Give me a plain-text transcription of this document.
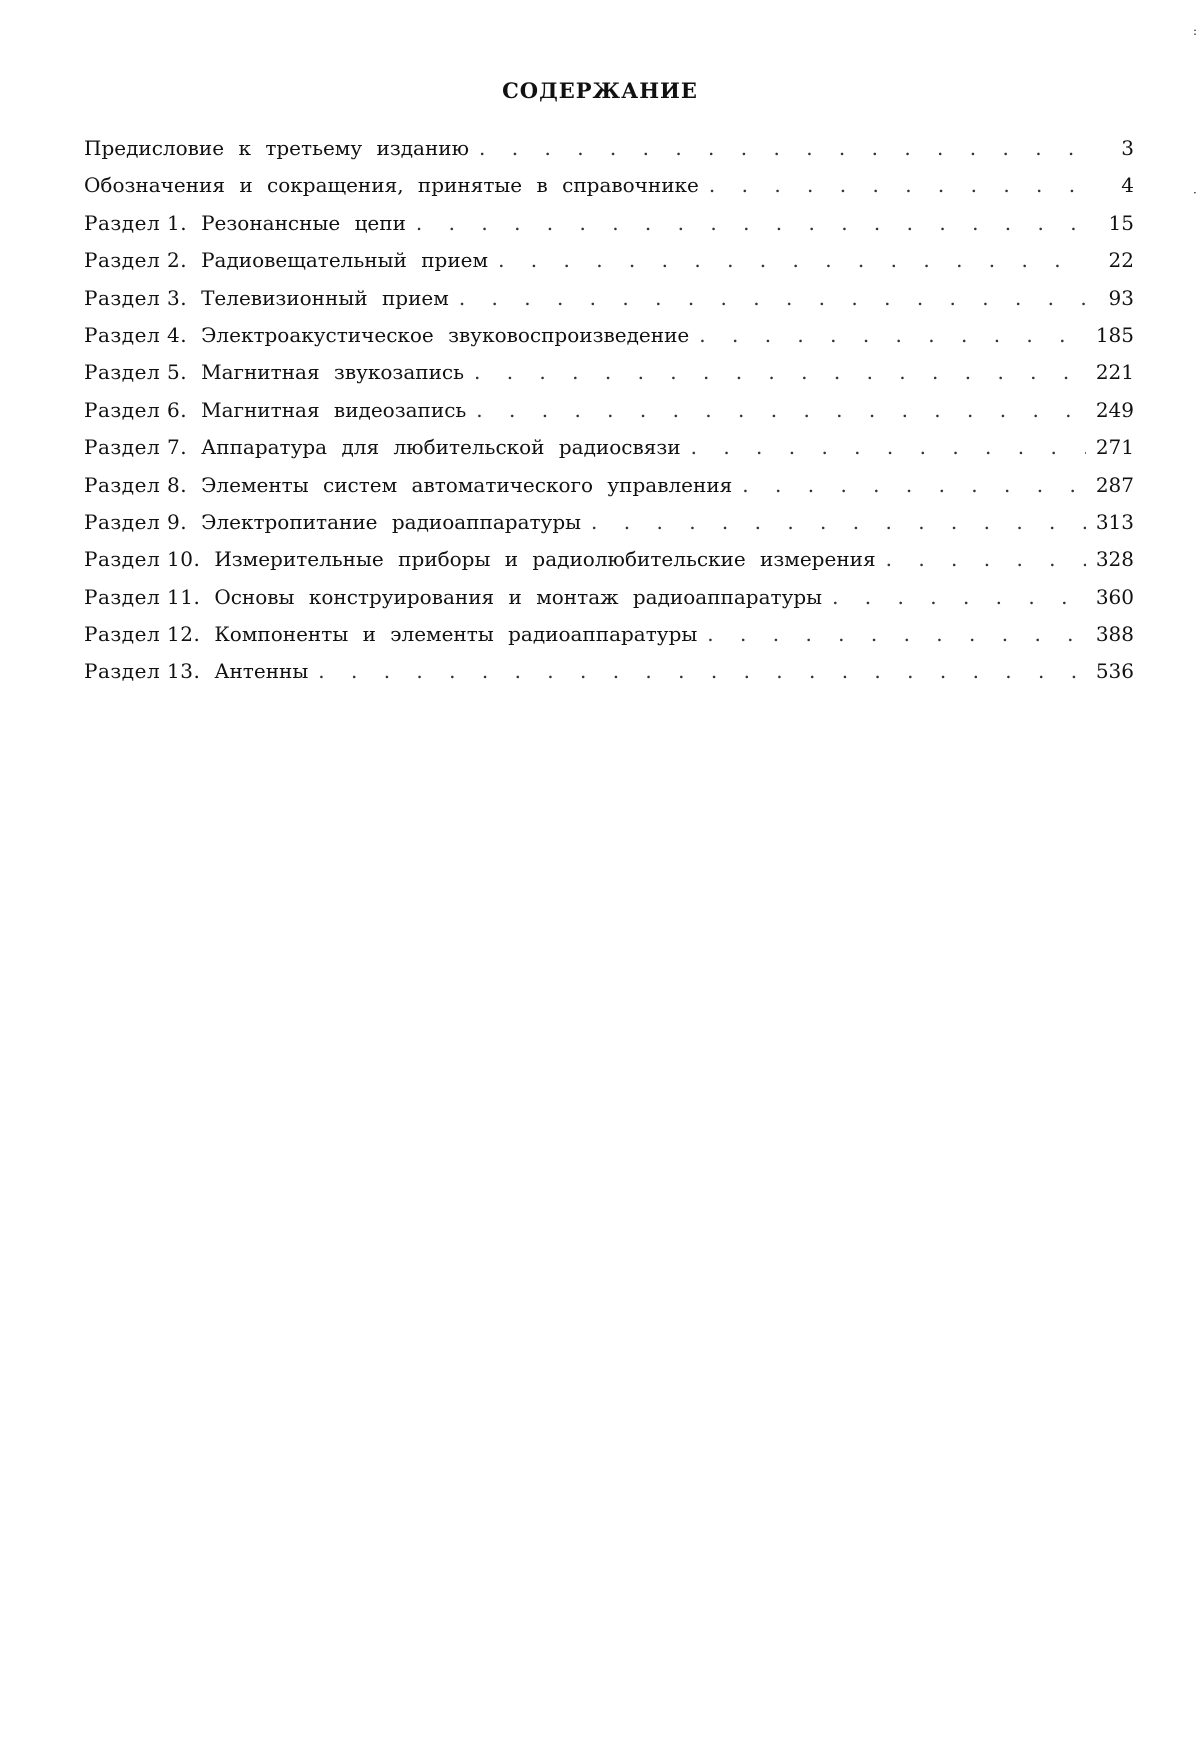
СОДЕРЖАНИЕ
Предисловие к третьему изданию . . .	3
Обозначения и сокращения, принятые в справочнике . . .	4
Раздел 1. Резонансные цепи . . .	15
Раздел 2. Радиовещательный прием . . .	22
Раздел 3. Телевизионный прием . . .	93
Раздел 4. Электроакустическое звуковоспроизведение . . .	185
Раздел 5. Магнитная звукозапись . . .	221
Раздел 6. Магнитная видеозапись . . .	249
Раздел 7. Аппаратура для любительской радиосвязи . . .	271
Раздел 8. Элементы систем автоматического управления . . .	287
Раздел 9. Электропитание радиоаппаратуры . . .	313
Раздел 10. Измерительные приборы и радиолюбительские измерения . . .	328
Раздел 11. Основы конструирования и монтаж радиоаппаратуры . . .	360
Раздел 12. Компоненты и элементы радиоаппаратуры . . .	388
Раздел 13. Антенны . . .	536
:
·
